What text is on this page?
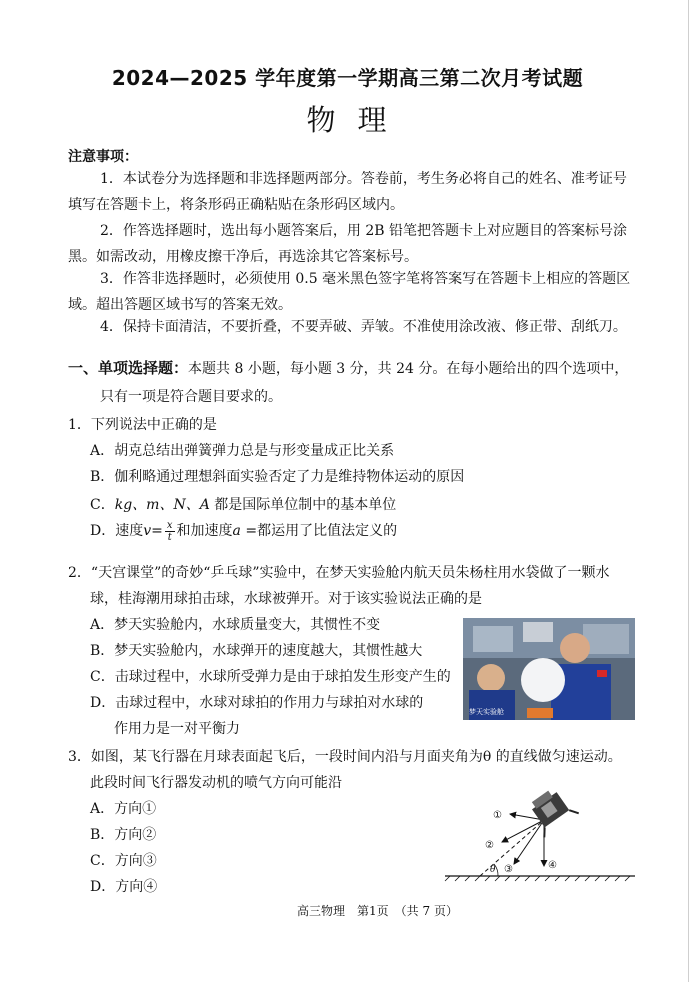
2024—2025 学年度第一学期高三第二次月考试题
物理
注意事项：
1．本试卷分为选择题和非选择题两部分。答卷前，考生务必将自己的姓名、准考证号填写在答题卡上，将条形码正确粘贴在条形码区域内。
2．作答选择题时，选出每小题答案后，用 2B 铅笔把答题卡上对应题目的答案标号涂黑。如需改动，用橡皮擦干净后，再选涂其它答案标号。
3．作答非选择题时，必须使用 0.5 毫米黑色签字笔将答案写在答题卡上相应的答题区域。超出答题区域书写的答案无效。
4．保持卡面清洁，不要折叠，不要弄破、弄皱。不准使用涂改液、修正带、刮纸刀。
一、单项选择题：本题共 8 小题，每小题 3 分，共 24 分。在每小题给出的四个选项中，
只有一项是符合题目要求的。
1．下列说法中正确的是
A．胡克总结出弹簧弹力总是与形变量成正比关系
B．伽利略通过理想斜面实验否定了力是维持物体运动的原因
C．kg、m、N、A 都是国际单位制中的基本单位
D．速度$v= \frac{x}{t}$ 和加速度a =都运用了比值法定义的
2．“天宫课堂”的奇妙“乒乓球”实验中，在梦天实验舱内航天员朱杨柱用水袋做了一颗水
球，桂海潮用球拍击球，水球被弹开。对于该实验说法正确的是
A．梦天实验舱内，水球质量变大，其惯性不变
B．梦天实验舱内，水球弹开的速度越大，其惯性越大
C．击球过程中，水球所受弹力是由于球拍发生形变产生的
D．击球过程中，水球对球拍的作用力与球拍对水球的
作用力是一对平衡力
梦天实验舱
3．如图，某飞行器在月球表面起飞后，一段时间内沿与月面夹角为θ 的直线做匀速运动。
此段时间飞行器发动机的喷气方向可能沿
A．方向①
B．方向②
C．方向③
D．方向④
θ
①
②
③	④
高三物理　第1页　（共 7 页）
